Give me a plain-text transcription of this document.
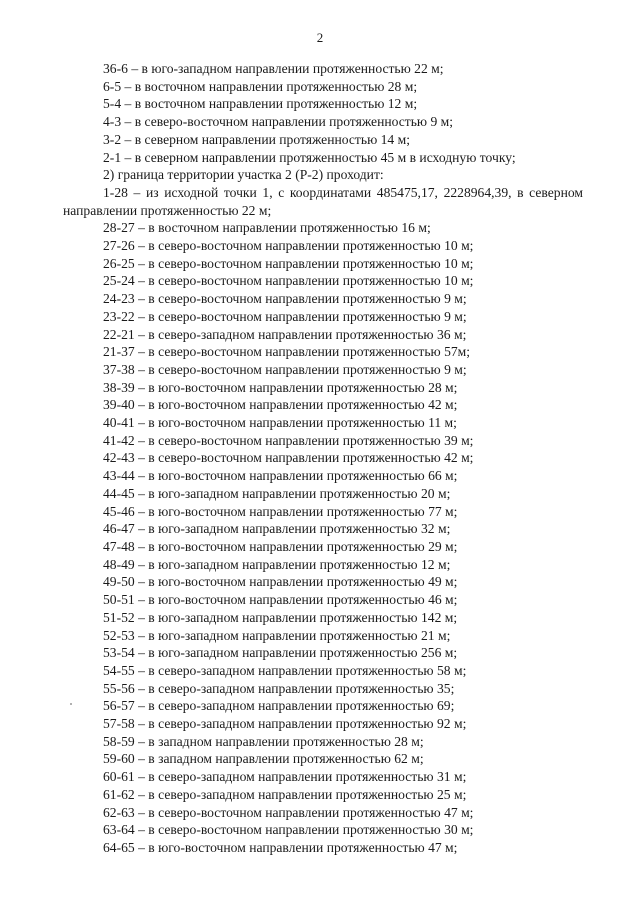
2
36-6 – в юго-западном направлении протяженностью 22 м;
6-5 – в восточном направлении протяженностью 28 м;
5-4 – в восточном направлении протяженностью 12 м;
4-3 – в северо-восточном направлении протяженностью 9 м;
3-2 – в северном направлении протяженностью 14 м;
2-1 – в северном направлении протяженностью 45 м в исходную точку;
2) граница территории участка 2 (Р-2) проходит:
1-28 – из исходной точки 1, с координатами 485475,17, 2228964,39, в северном направлении протяженностью 22 м;
28-27 – в восточном направлении протяженностью 16 м;
27-26 – в северо-восточном направлении протяженностью 10 м;
26-25 – в северо-восточном направлении протяженностью 10 м;
25-24 – в северо-восточном направлении протяженностью 10 м;
24-23 – в северо-восточном направлении протяженностью 9 м;
23-22 – в северо-восточном направлении протяженностью 9 м;
22-21 – в северо-западном направлении протяженностью 36 м;
21-37 – в северо-восточном направлении протяженностью 57м;
37-38 – в северо-восточном направлении протяженностью 9 м;
38-39 – в юго-восточном направлении протяженностью 28 м;
39-40 – в юго-восточном направлении протяженностью 42 м;
40-41 – в юго-восточном направлении протяженностью 11 м;
41-42 – в северо-восточном направлении протяженностью 39 м;
42-43 – в северо-восточном направлении протяженностью 42 м;
43-44 – в юго-восточном направлении протяженностью 66 м;
44-45 – в юго-западном направлении протяженностью 20 м;
45-46 – в юго-восточном направлении протяженностью 77 м;
46-47 – в юго-западном направлении протяженностью 32 м;
47-48 – в юго-восточном направлении протяженностью 29 м;
48-49 – в юго-западном направлении протяженностью 12 м;
49-50 – в юго-восточном направлении протяженностью 49 м;
50-51 – в юго-восточном направлении протяженностью 46 м;
51-52 – в юго-западном направлении протяженностью 142 м;
52-53 – в юго-западном направлении протяженностью 21 м;
53-54 – в юго-западном направлении протяженностью 256 м;
54-55 – в северо-западном направлении протяженностью 58 м;
55-56 – в северо-западном направлении протяженностью 35;
56-57 – в северо-западном направлении протяженностью 69;
57-58 – в северо-западном направлении протяженностью 92 м;
58-59 – в западном направлении протяженностью 28 м;
59-60 – в западном направлении протяженностью 62 м;
60-61 – в северо-западном направлении протяженностью 31 м;
61-62 – в северо-западном направлении протяженностью 25 м;
62-63 – в северо-восточном направлении протяженностью 47 м;
63-64 – в северо-восточном направлении протяженностью 30 м;
64-65 – в юго-восточном направлении протяженностью 47 м;
